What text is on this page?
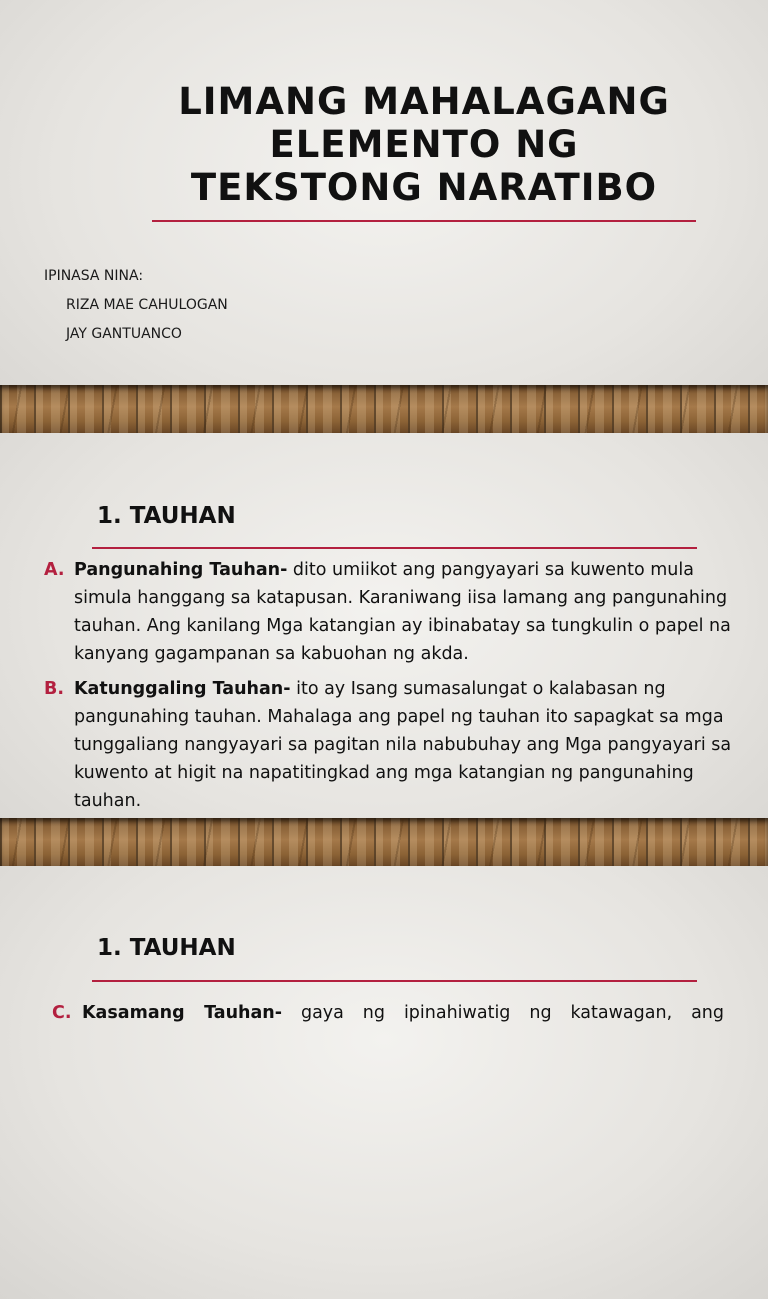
LIMANG MAHALAGANG
ELEMENTO NG
TEKSTONG NARATIBO
IPINASA NINA:
RIZA MAE CAHULOGAN
JAY GANTUANCO
1. TAUHAN
A. Pangunahing Tauhan- dito umiikot ang pangyayari sa kuwento mula simula hanggang sa katapusan. Karaniwang iisa lamang ang pangunahing tauhan. Ang kanilang Mga katangian ay ibinabatay sa tungkulin o papel na kanyang gagampanan sa kabuohan ng akda.
B. Katunggaling Tauhan- ito ay Isang sumasalungat o kalabasan ng pangunahing tauhan. Mahalaga ang papel ng tauhan ito sapagkat sa mga tunggaliang nangyayari sa pagitan nila nabubuhay ang Mga pangyayari sa kuwento at higit na napatitingkad ang mga katangian ng pangunahing tauhan.
1. TAUHAN
C. Kasamang Tauhan- gaya ng ipinahiwatig ng katawagan, ang
